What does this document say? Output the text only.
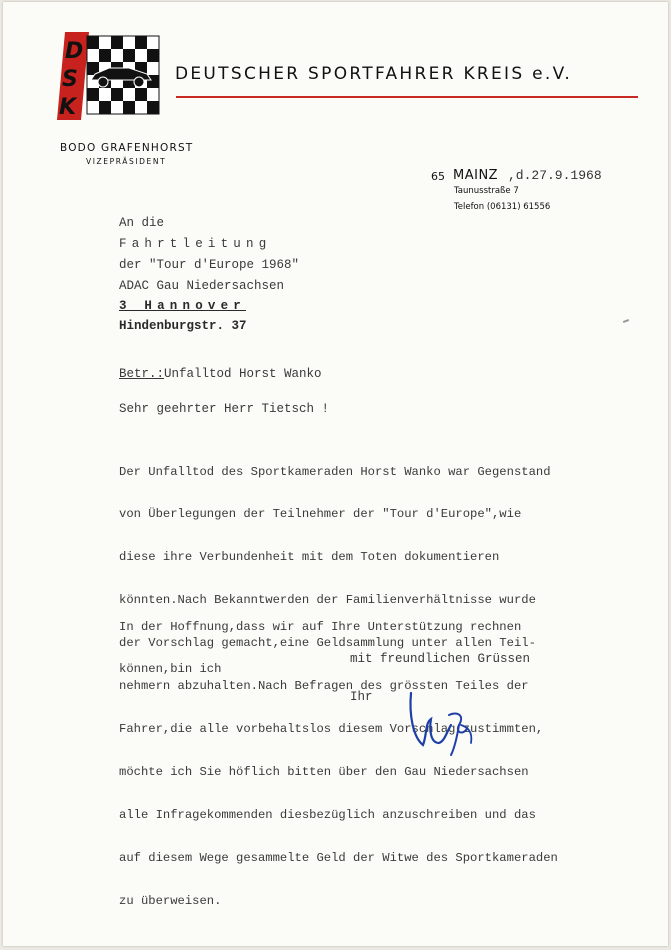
D
S
K
DEUTSCHER SPORTFAHRER KREIS e.V.
BODO GRAFENHORST
VIZEPRÄSIDENT
65 MAINZ ,d.27.9.1968
Taunusstraße 7
Telefon (06131) 61556
An die
Fahrtleitung
der "Tour d'Europe 1968"
ADAC Gau Niedersachsen
3 Hannover
Hindenburgstr. 37
Betr.:Unfalltod Horst Wanko
Sehr geehrter Herr Tietsch !

Der Unfalltod des Sportkameraden Horst Wanko war Gegenstand

von Überlegungen der Teilnehmer der "Tour d'Europe",wie

diese ihre Verbundenheit mit dem Toten dokumentieren

könnten.Nach Bekanntwerden der Familienverhältnisse wurde

der Vorschlag gemacht,eine Geldsammlung unter allen Teil-

nehmern abzuhalten.Nach Befragen des grössten Teiles der

Fahrer,die alle vorbehaltslos diesem Vorschlag zustimmten,

möchte ich Sie höflich bitten über den Gau Niedersachsen

alle Infragekommenden diesbezüglich anzuschreiben und das

auf diesem Wege gesammelte Geld der Witwe des Sportkameraden

zu überweisen.

In der Hoffnung,dass wir auf Ihre Unterstützung rechnen

können,bin ich

mit freundlichen Grüssen
Ihr
